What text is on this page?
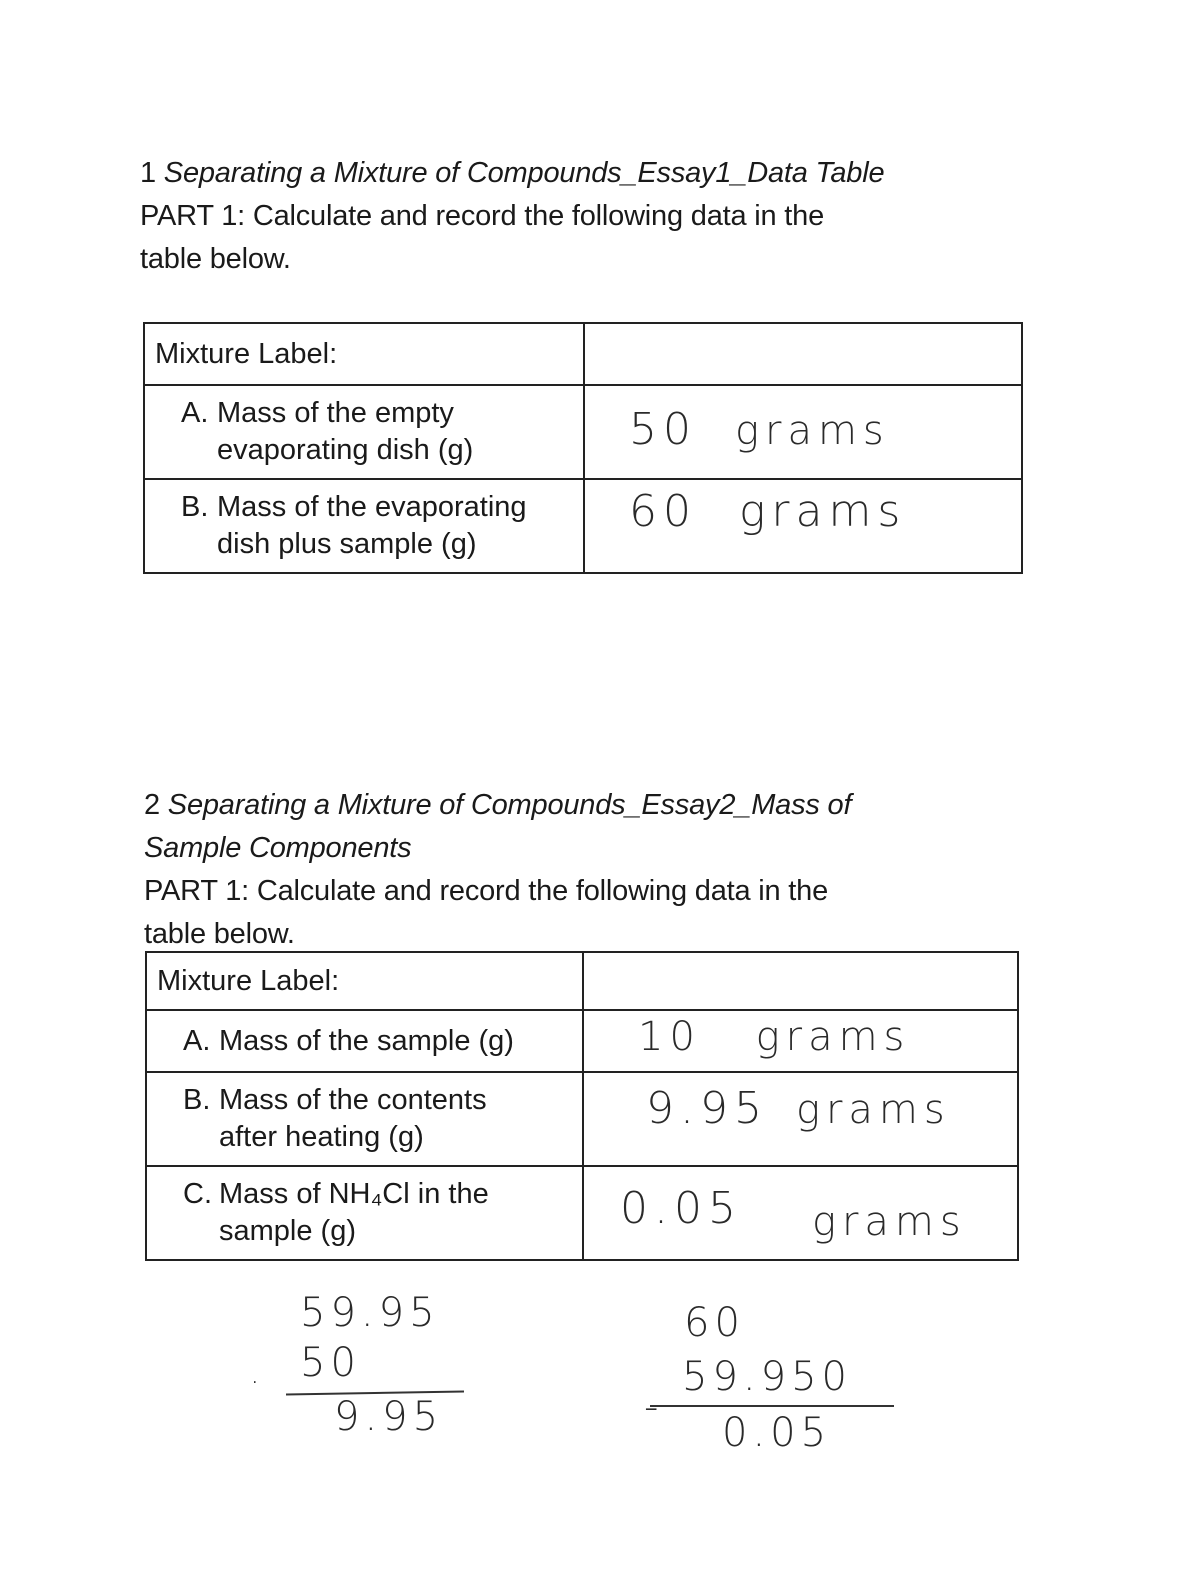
1 Separating a Mixture of Compounds_Essay1_Data Table
PART 1: Calculate and record the following data in the
table below.
Mixture Label:	

A. Mass of the empty
evaporating dish (g)	50 grams

B. Mass of the evaporating
dish plus sample (g)	60 grams
2 Separating a Mixture of Compounds_Essay2_Mass of
Sample Components
PART 1: Calculate and record the following data in the
table below.
Mixture Label:	

A. Mass of the sample (g)	10 grams

B. Mass of the contents
after heating (g)	9.95 grams

C. Mass of NH₄Cl in the
sample (g)	0.05 grams
59.95
50
.
9.95
60
59.950
-
0.05
